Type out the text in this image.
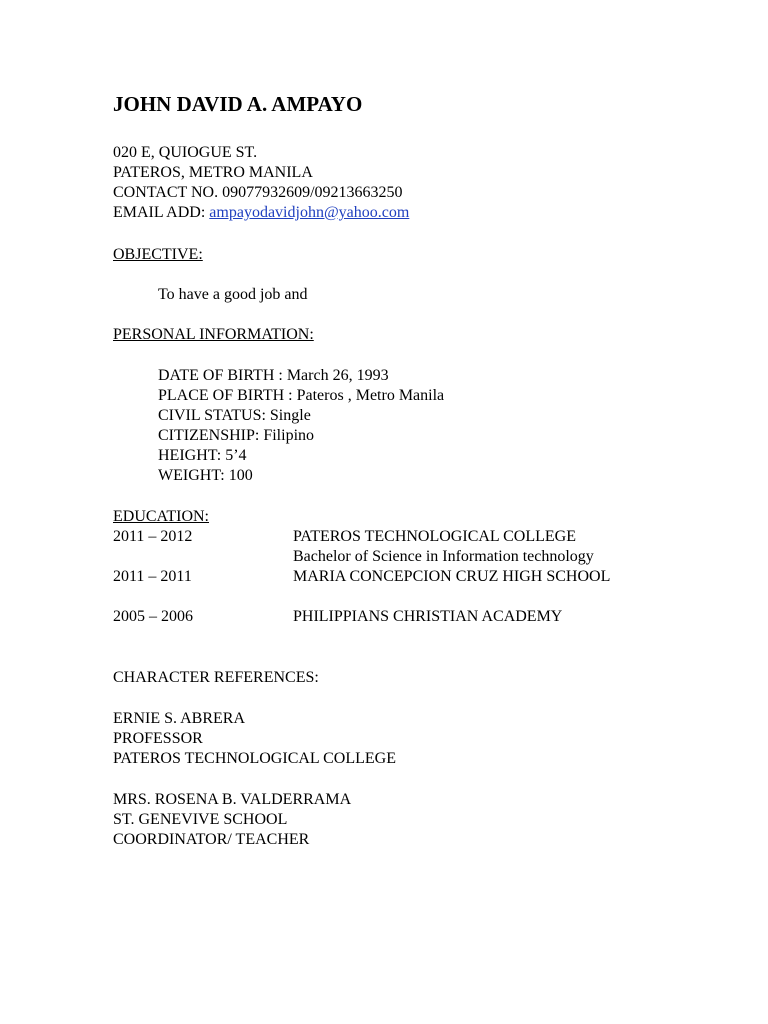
JOHN DAVID A. AMPAYO
020 E, QUIOGUE ST.
PATEROS, METRO MANILA
CONTACT NO. 09077932609/09213663250
EMAIL ADD: ampayodavidjohn@yahoo.com
OBJECTIVE:
To have a good job and
PERSONAL INFORMATION:
DATE OF BIRTH : March 26, 1993
PLACE OF BIRTH : Pateros , Metro Manila
CIVIL STATUS: Single
CITIZENSHIP: Filipino
HEIGHT: 5’4
WEIGHT: 100
EDUCATION:
2011 – 2012	PATEROS TECHNOLOGICAL COLLEGE
Bachelor of Science in Information technology
2011 – 2011	MARIA CONCEPCION CRUZ HIGH SCHOOL
2005 – 2006	PHILIPPIANS CHRISTIAN ACADEMY
CHARACTER REFERENCES:
ERNIE S. ABRERA
PROFESSOR
PATEROS TECHNOLOGICAL COLLEGE
MRS. ROSENA B. VALDERRAMA
ST. GENEVIVE SCHOOL
COORDINATOR/ TEACHER
